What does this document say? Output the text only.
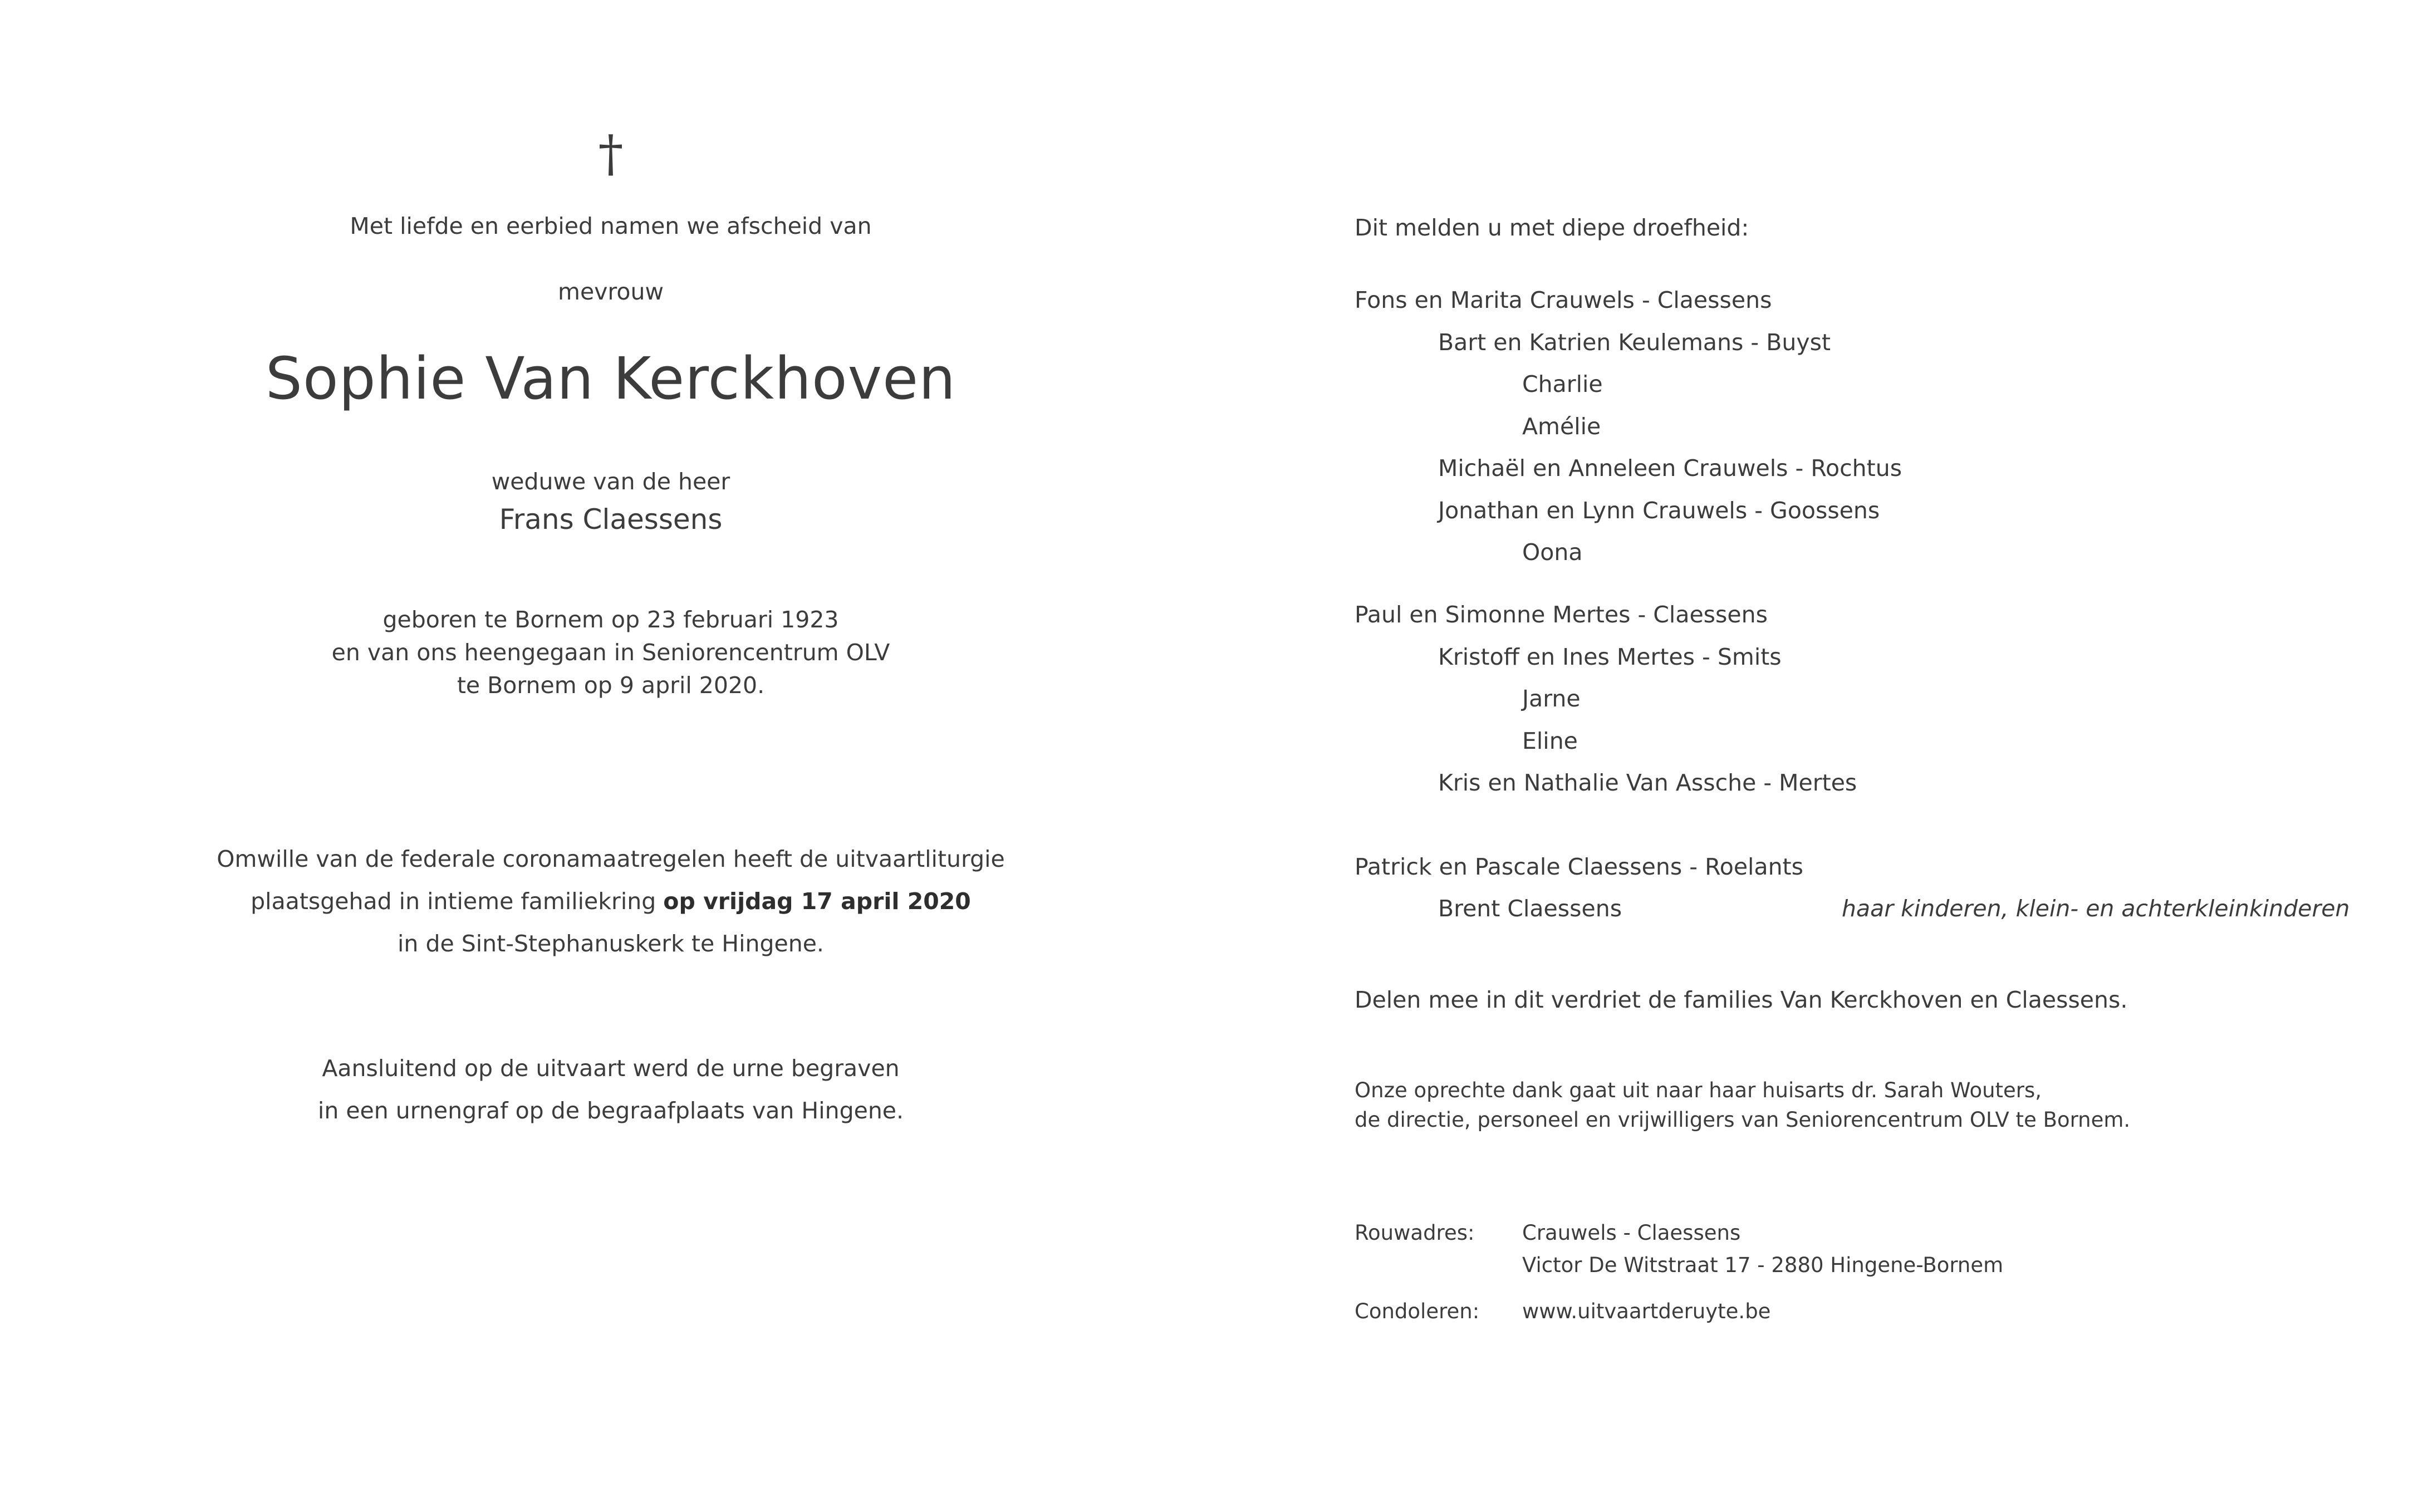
†
Met liefde en eerbied namen we afscheid van
mevrouw
Sophie Van Kerckhoven
weduwe van de heer
Frans Claessens
geboren te Bornem op 23 februari 1923
en van ons heengegaan in Seniorencentrum OLV
te Bornem op 9 april 2020.
Omwille van de federale coronamaatregelen heeft de uitvaartliturgie
plaatsgehad in intieme familiekring op vrijdag 17 april 2020
in de Sint-Stephanuskerk te Hingene.
Aansluitend op de uitvaart werd de urne begraven
in een urnengraf op de begraafplaats van Hingene.
Dit melden u met diepe droefheid:
Fons en Marita Crauwels - Claessens
Bart en Katrien Keulemans - Buyst
Charlie
Amélie
Michaël en Anneleen Crauwels - Rochtus
Jonathan en Lynn Crauwels - Goossens
Oona
Paul en Simonne Mertes - Claessens
Kristoff en Ines Mertes - Smits
Jarne
Eline
Kris en Nathalie Van Assche - Mertes
Patrick en Pascale Claessens - Roelants
Brent Claessens	haar kinderen, klein- en achterkleinkinderen
Delen mee in dit verdriet de families Van Kerckhoven en Claessens.
Onze oprechte dank gaat uit naar haar huisarts dr. Sarah Wouters,
de directie, personeel en vrijwilligers van Seniorencentrum OLV te Bornem.
Rouwadres:	Crauwels - Claessens
Victor De Witstraat 17 - 2880 Hingene-Bornem
Condoleren:	www.uitvaartderuyte.be
